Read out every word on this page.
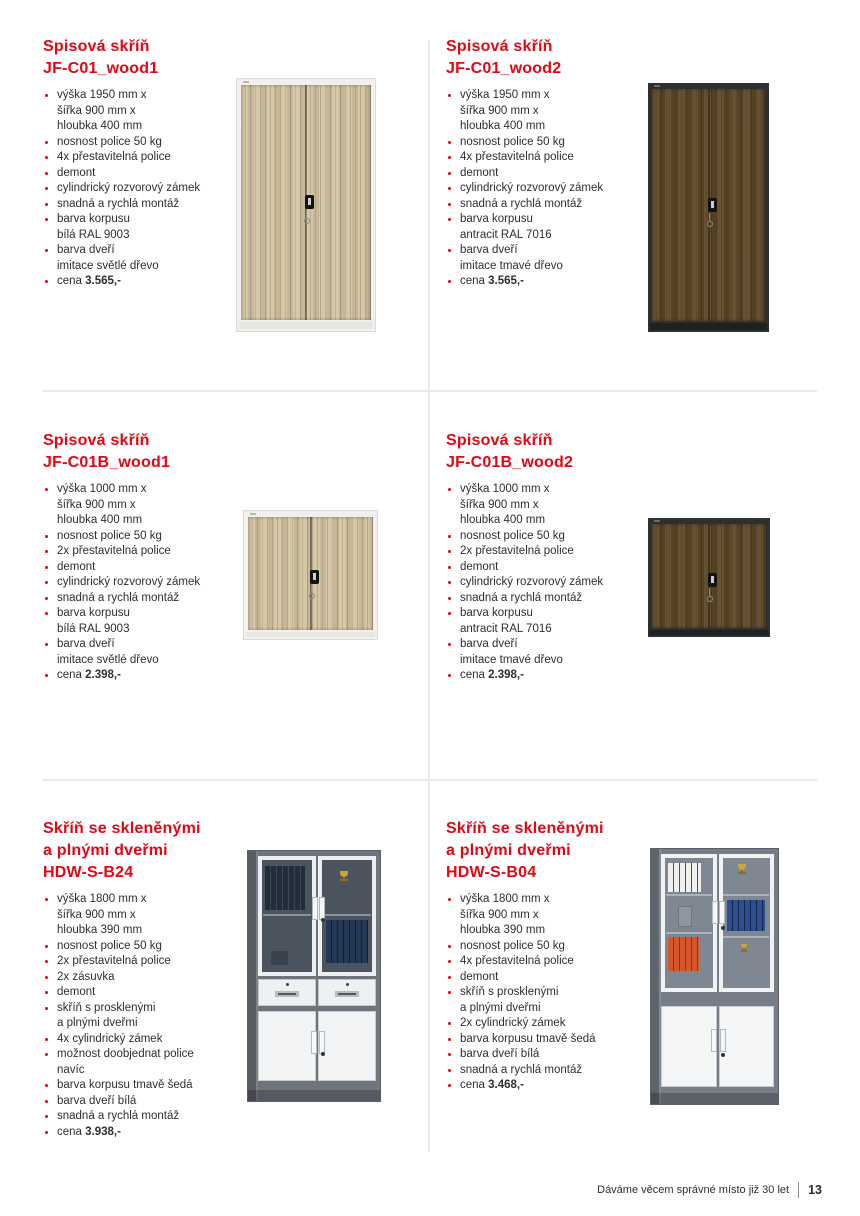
Spisová skříň
JF-C01_wood1
výška 1950 mm x
šířka 900 mm x
hloubka 400 mm
nosnost police 50 kg
4x přestavitelná police
demont
cylindrický rozvorový zámek
snadná a rychlá montáž
barva korpusu
bílá RAL 9003
barva dveří
imitace světlé dřevo
cena 3.565,-
Spisová skříň
JF-C01_wood2
výška 1950 mm x
šířka 900 mm x
hloubka 400 mm
nosnost police 50 kg
4x přestavitelná police
demont
cylindrický rozvorový zámek
snadná a rychlá montáž
barva korpusu
antracit RAL 7016
barva dveří
imitace tmavé dřevo
cena 3.565,-
Spisová skříň
JF-C01B_wood1
výška 1000 mm x
šířka 900 mm x
hloubka 400 mm
nosnost police 50 kg
2x přestavitelná police
demont
cylindrický rozvorový zámek
snadná a rychlá montáž
barva korpusu
bílá RAL 9003
barva dveří
imitace světlé dřevo
cena 2.398,-
Spisová skříň
JF-C01B_wood2
výška 1000 mm x
šířka 900 mm x
hloubka 400 mm
nosnost police 50 kg
2x přestavitelná police
demont
cylindrický rozvorový zámek
snadná a rychlá montáž
barva korpusu
antracit RAL 7016
barva dveří
imitace tmavé dřevo
cena 2.398,-
Skříň se skleněnými
a plnými dveřmi
HDW-S-B24
výška 1800 mm x
šířka 900 mm x
hloubka 390 mm
nosnost police 50 kg
2x přestavitelná police
2x zásuvka
demont
skříň s prosklenými
a plnými dveřmi
4x cylindrický zámek
možnost doobjednat police
navíc
barva korpusu tmavě šedá
barva dveří bílá
snadná a rychlá montáž
cena 3.938,-
Skříň se skleněnými
a plnými dveřmi
HDW-S-B04
výška 1800 mm x
šířka 900 mm x
hloubka 390 mm
nosnost police 50 kg
4x přestavitelná police
demont
skříň s prosklenými
a plnými dveřmi
2x cylindrický zámek
barva korpusu tmavě šedá
barva dveří bílá
snadná a rychlá montáž
cena 3.468,-
Dáváme věcem správné místo již 30 let 13
